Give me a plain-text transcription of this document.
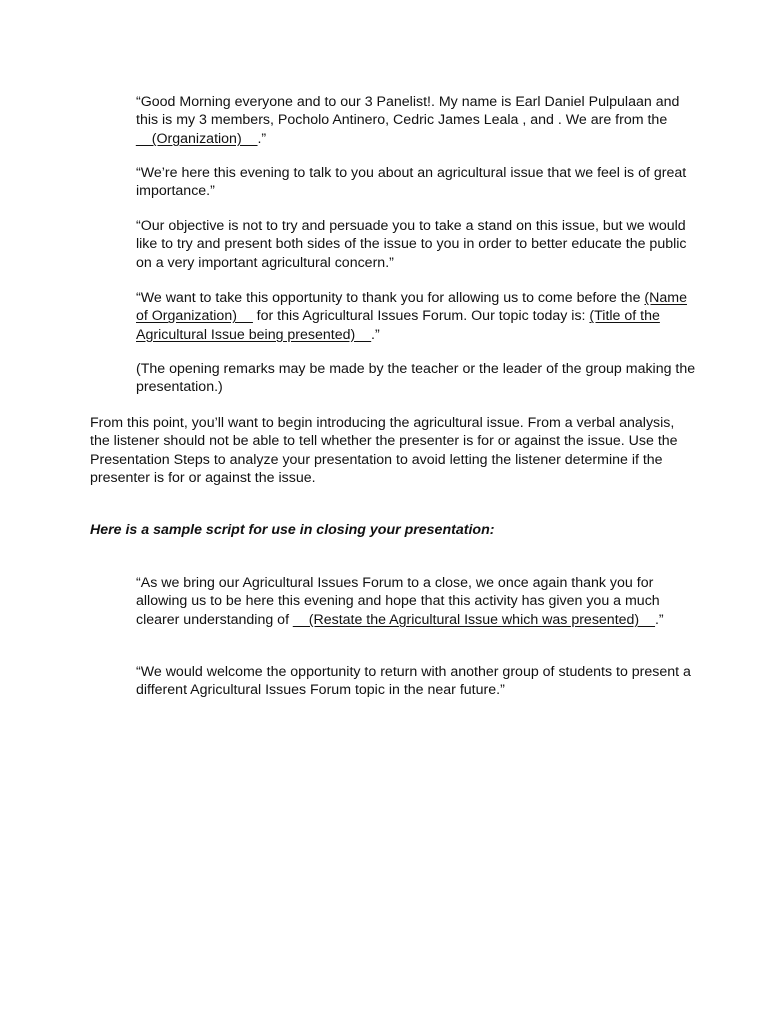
“Good Morning everyone and to our 3 Panelist!. My name is Earl Daniel Pulpulaan and this is my 3 members, Pocholo Antinero, Cedric James Leala , and . We are from the __(Organization)__.”

“We’re here this evening to talk to you about an agricultural issue that we feel is of great importance.”

“Our objective is not to try and persuade you to take a stand on this issue, but we would like to try and present both sides of the issue to you in order to better educate the public on a very important agricultural concern.”

“We want to take this opportunity to thank you for allowing us to come before the (Name of Organization)__ for this Agricultural Issues Forum. Our topic today is: (Title of the Agricultural Issue being presented)__.”

(The opening remarks may be made by the teacher or the leader of the group making the presentation.)

From this point, you’ll want to begin introducing the agricultural issue. From a verbal analysis, the listener should not be able to tell whether the presenter is for or against the issue. Use the Presentation Steps to analyze your presentation to avoid letting the listener determine if the presenter is for or against the issue.

Here is a sample script for use in closing your presentation:

“As we bring our Agricultural Issues Forum to a close, we once again thank you for allowing us to be here this evening and hope that this activity has given you a much clearer understanding of __(Restate the Agricultural Issue which was presented)__.”

“We would welcome the opportunity to return with another group of students to present a different Agricultural Issues Forum topic in the near future.”
